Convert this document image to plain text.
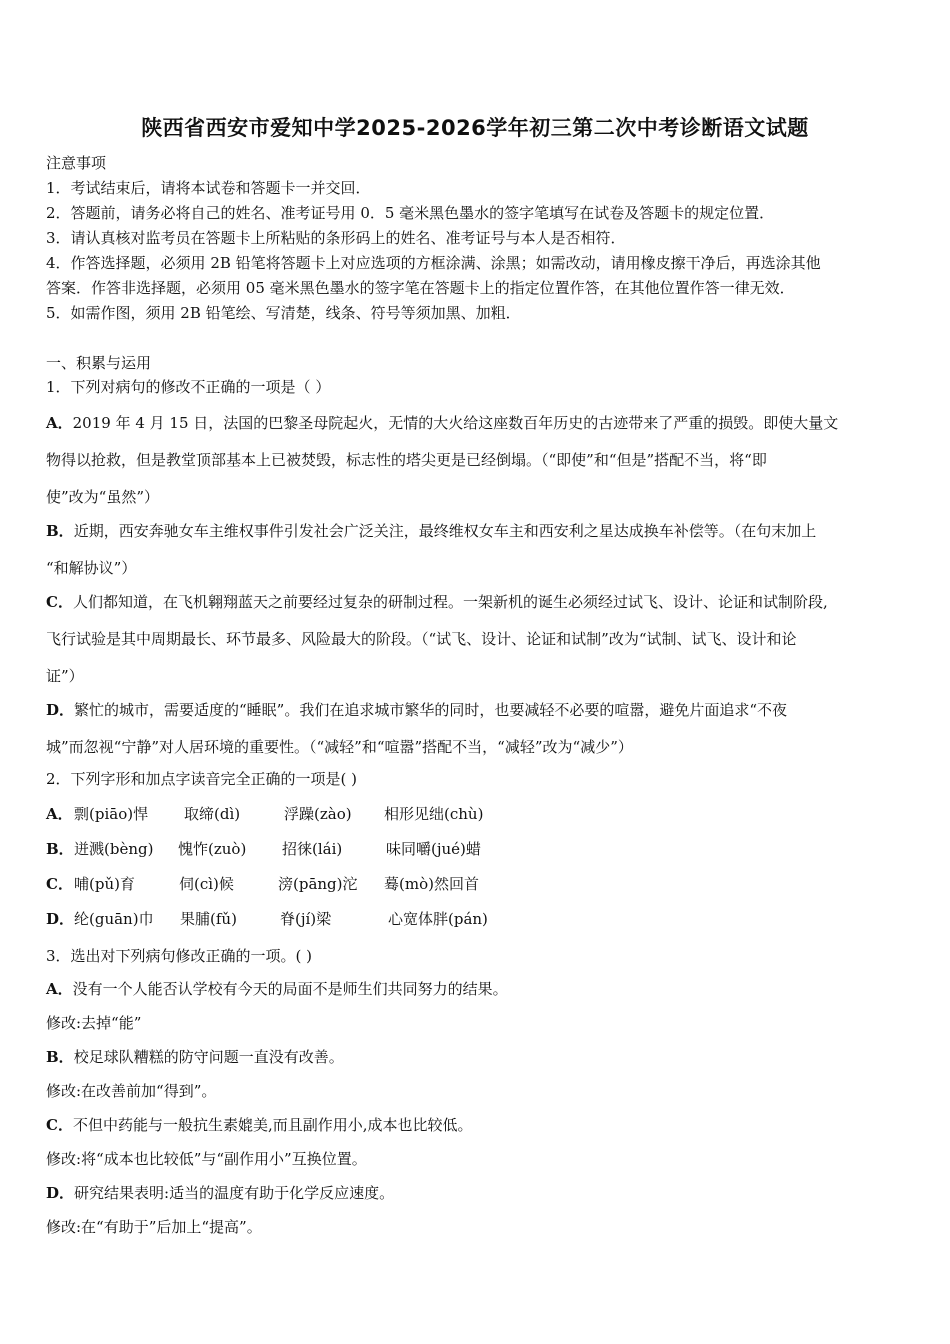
陕西省西安市爱知中学2025-2026学年初三第二次中考诊断语文试题
注意事项
1．考试结束后，请将本试卷和答题卡一并交回．
2．答题前，请务必将自己的姓名、准考证号用 0．5 毫米黑色墨水的签字笔填写在试卷及答题卡的规定位置．
3．请认真核对监考员在答题卡上所粘贴的条形码上的姓名、准考证号与本人是否相符．
4．作答选择题，必须用 2B 铅笔将答题卡上对应选项的方框涂满、涂黑；如需改动，请用橡皮擦干净后，再选涂其他
答案．作答非选择题，必须用 05 毫米黑色墨水的签字笔在答题卡上的指定位置作答，在其他位置作答一律无效．
5．如需作图，须用 2B 铅笔绘、写清楚，线条、符号等须加黑、加粗．
一、积累与运用
1．下列对病句的修改不正确的一项是（ ）
A．2019 年 4 月 15 日，法国的巴黎圣母院起火，无情的大火给这座数百年历史的古迹带来了严重的损毁。即使大量文
物得以抢救，但是教堂顶部基本上已被焚毁，标志性的塔尖更是已经倒塌。（“即使”和“但是”搭配不当，将“即
使”改为“虽然”）
B．近期，西安奔驰女车主维权事件引发社会广泛关注，最终维权女车主和西安利之星达成换车补偿等。（在句末加上
“和解协议”）
C．人们都知道，在飞机翱翔蓝天之前要经过复杂的研制过程。一架新机的诞生必须经过试飞、设计、论证和试制阶段,
飞行试验是其中周期最长、环节最多、风险最大的阶段。（“试飞、设计、论证和试制”改为“试制、试飞、设计和论
证”）
D．繁忙的城市，需要适度的“睡眠”。我们在追求城市繁华的同时，也要减轻不必要的喧嚣，避免片面追求“不夜
城”而忽视“宁静”对人居环境的重要性。（“减轻”和“喧嚣”搭配不当，“减轻”改为“减少”）
2．下列字形和加点字读音完全正确的一项是( )
A． 剽(piāo)悍 取缔(dì)	浮躁(zào) 相形见绌(chù)
B． 迸溅(bèng) 愧怍(zuò) 招徕(lái)	味同嚼(jué)蜡
C． 哺(pǔ)育	伺(cì)候	滂(pāng)沱 蓦(mò)然回首
D． 纶(guān)巾 果脯(fǔ)	脊(jí)梁	心宽体胖(pán)
3．选出对下列病句修改正确的一项。( )
A．没有一个人能否认学校有今天的局面不是师生们共同努力的结果。
修改:去掉“能”
B．校足球队糟糕的防守问题一直没有改善。
修改:在改善前加“得到”。
C．不但中药能与一般抗生素媲美,而且副作用小,成本也比较低。
修改:将“成本也比较低”与“副作用小”互换位置。
D．研究结果表明:适当的温度有助于化学反应速度。
修改:在“有助于”后加上“提高”。
